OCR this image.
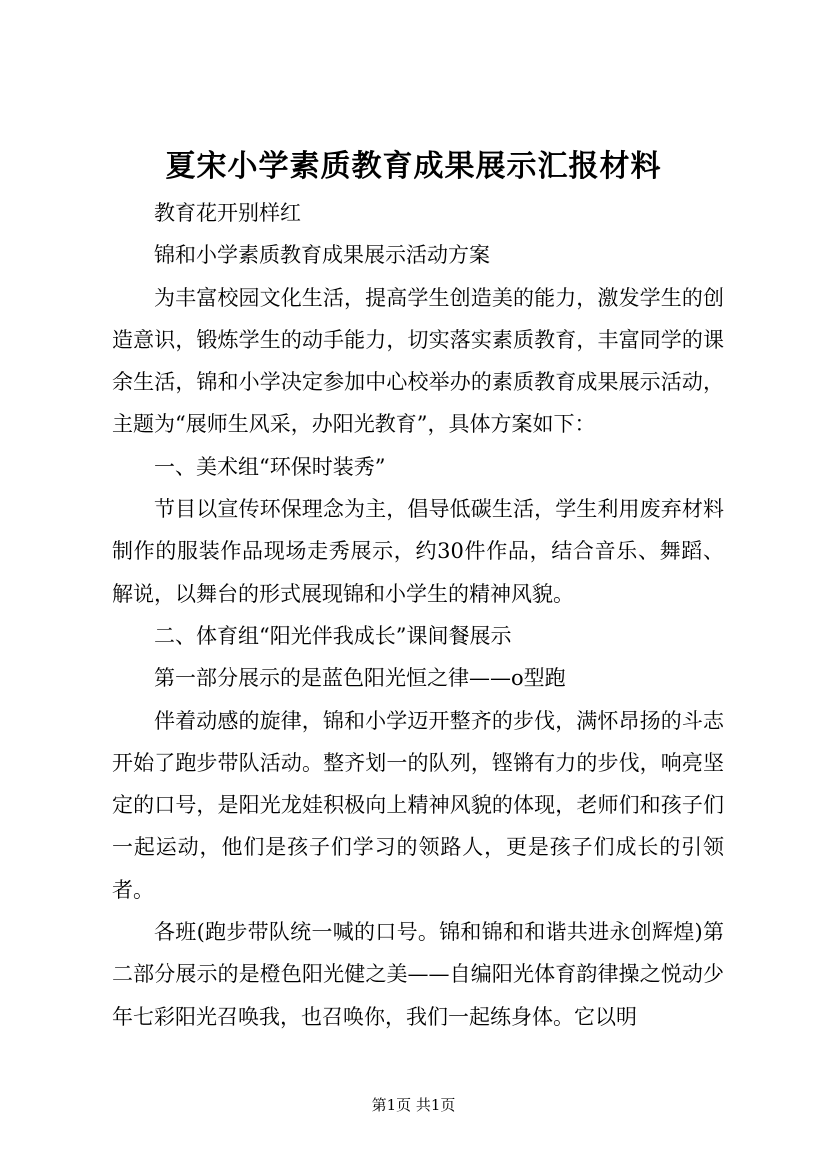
夏宋小学素质教育成果展示汇报材料

教育花开别样红

锦和小学素质教育成果展示活动方案

为丰富校园文化生活，提高学生创造美的能力，激发学生的创造意识，锻炼学生的动手能力，切实落实素质教育，丰富同学的课余生活，锦和小学决定参加中心校举办的素质教育成果展示活动，主题为“展师生风采，办阳光教育”，具体方案如下：

一、美术组“环保时装秀”

节目以宣传环保理念为主，倡导低碳生活，学生利用废弃材料制作的服装作品现场走秀展示，约30件作品，结合音乐、舞蹈、解说，以舞台的形式展现锦和小学生的精神风貌。

二、体育组“阳光伴我成长”课间餐展示

第一部分展示的是蓝色阳光恒之律——o型跑

伴着动感的旋律，锦和小学迈开整齐的步伐，满怀昂扬的斗志开始了跑步带队活动。整齐划一的队列，铿锵有力的步伐，响亮坚定的口号，是阳光龙娃积极向上精神风貌的体现，老师们和孩子们一起运动，他们是孩子们学习的领路人，更是孩子们成长的引领者。

各班(跑步带队统一喊的口号。锦和锦和和谐共进永创辉煌)第二部分展示的是橙色阳光健之美——自编阳光体育韵律操之悦动少年七彩阳光召唤我，也召唤你，我们一起练身体。它以明

第1页 共1页
